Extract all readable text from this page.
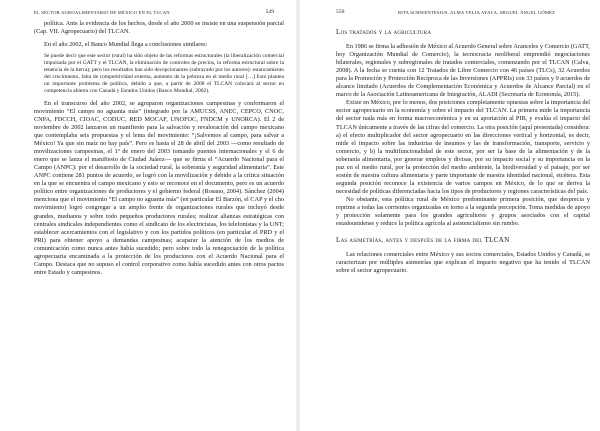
EL SECTOR AGROALIMENTARIO DE MÉXICO EN EL TLCAN	549

política. Ante la evidencia de los hechos, desde el año 2000 se insiste en una suspensión parcial (Cap. VII. Agropecuario) del TLCAN.

En el año 2002, el Banco Mundial llega a conclusiones similares:

Se puede decir que este sector (rural) ha sido objeto de las reformas estructurales (la liberalización comercial impulsada por el GATT y el TLCAN, la eliminación de controles de precios, la reforma estructural sobre la tenencia de la tierra); pero los resultados han sido decepcionantes (subrayado por los autores): estancamiento del crecimiento, falta de competitividad externa, aumento de la pobreza en el medio rural […] Esto plantea un importante problema de política, debido a que, a partir de 2008 el TLCAN colocará al sector en competencia abierta con Canadá y Estados Unidos (Banco Mundial, 2002).

En el transcurso del año 2002, se agruparon organizaciones campesinas y conformaron el movimiento “El campo no aguanta más” (integrado por la AMUCSS, ANEC, CEPCO, CNOC, CNPA, FDCCH, CIOAC, CODUC, RED MOCAF, UNOFOC, FNDCM y UNORCA). El 2 de noviembre de 2002 lanzaron un manifiesto para la salvación y revaloración del campo mexicano que contemplaba seis propuestas y el lema del movimiento: “¡Salvemos al campo, para salvar a México! Ya que sin maíz no hay país”. Pero es hasta el 28 de abril del 2003 —como resultado de movilizaciones campesinas, el 1º de enero del 2003 tomando puentes internacionales y el 6 de enero que se lanza el manifiesto de Ciudad Juárez— que se firma el “Acuerdo Nacional para el Campo (ANPC): por el desarrollo de la sociedad rural, la soberanía y seguridad alimentaria”. Este ANPC contiene 281 puntos de acuerdo, se logró con la movilización y debido a la crítica situación en la que se encuentra el campo mexicano y esto se reconoce en el documento, pero es un acuerdo político entre organizaciones de productores y el gobierno federal (Rosano, 2004). Sánchez (2004) menciona que el movimiento “El campo no aguanta más” (en particular El Barzón, el CAP y el cho movimiento) logró congregar a un amplio frente de organizaciones rurales que incluyó desde grandes, medianos y sobre todo pequeños productores rurales; realizar alianzas estratégicas con centrales sindicales independientes como el sindicato de los electricistas, los telefonistas y la UNT; establecer acercamientos con el legislativo y con los partidos políticos (en particular el PRD y el PRI) para obtener apoyo a demandas campesinas; acaparar la atención de los medios de comunicación como nunca antes había sucedido; pero sobre todo la renegociación de la política agropecuaria encaminada a la protección de los productores con el Acuerdo Nacional para el Campo. Destaca que no supuso el control corporativo como había sucedido antes con otros pactos entre Estado y campesinos.

550	RITA SCHWENTESIUS, ALMA VELIA AYALA, MIGUEL ÁNGEL GÓMEZ

Los tratados y la agricultura

En 1986 se firma la adhesión de México al Acuerdo General sobre Aranceles y Comercio (GATT, hoy Organización Mundial de Comercio), la tecnocracia neoliberal emprendió negociaciones bilaterales, regionales y subregionales de tratados comerciales, comenzando por el TLCAN (Calva, 2008). A la fecha se cuenta con 12 Tratados de Libre Comercio con 46 países (TLCs), 32 Acuerdos para la Promoción y Protección Recíproca de las Inversiones (APPRIs) con 33 países y 9 acuerdos de alcance limitado (Acuerdos de Complementación Económica y Acuerdos de Alcance Parcial) en el marco de la Asociación Latinoamericana de Integración, ALADI (Secretaría de Economía, 2015).

Existe en México, por lo menos, dos posiciones completamente opuestas sobre la importancia del sector agropecuario en la economía y sobre el impacto del TLCAN. La primera mide la importancia del sector nada más en forma macroeconómica y en su aportación al PIB, y evalúa el impacto del TLCAN únicamente a través de las cifras del comercio. La otra posición (aquí presentada) considera: a) el efecto multiplicador del sector agropecuario en las direcciones vertical y horizontal, es decir, mide el impacto sobre las industrias de insumos y las de transformación, transporte, servicio y comercio, y b) la multifuncionalidad de este sector, por ser la base de la alimentación y de la soberanía alimentaria, por generar empleos y divisas, por su impacto social y su importancia en la paz en el medio rural, por la protección del medio ambiente, la biodiversidad y el paisaje, por ser sostén de nuestra cultura alimentaria y parte importante de nuestra identidad nacional, etcétera. Esta segunda posición reconoce la existencia de varios campos en México, de lo que se deriva la necesidad de políticas diferenciadas hacia los tipos de productores y regiones características del país.

No obstante, esta política rural de México predominante primera posición, que desprecia y reprime a todas las corrientes organizadas en torno a la segunda percepción. Toma medidas de apoyo y protección solamente para los grandes agricultores y grupos asociados con el capital estadounidense y reduce la política agrícola al asistencialismo sin rumbo.

Las asimetrías, antes y después de la firma del TLCAN

Las relaciones comerciales entre México y sus socios comerciales, Estados Unidos y Canadá, se caracterizan por múltiples asimetrías que explican el impacto negativo que ha tenido el TLCAN sobre el sector agropecuario.
